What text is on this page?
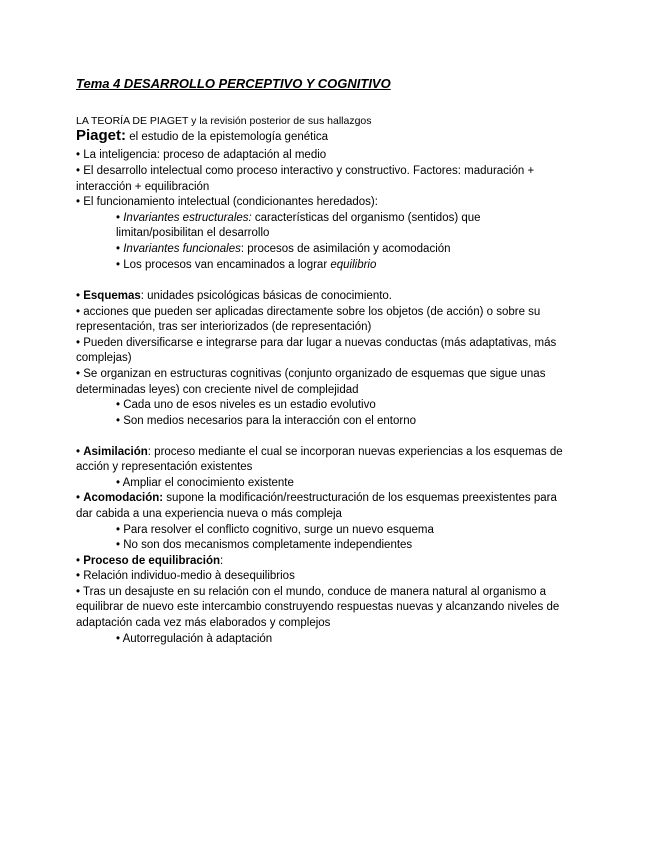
Tema 4 DESARROLLO PERCEPTIVO Y COGNITIVO
LA TEORÍA DE PIAGET y la revisión posterior de sus hallazgos
Piaget: el estudio de la epistemología genética
• La inteligencia: proceso de adaptación al medio
• El desarrollo intelectual como proceso interactivo y constructivo. Factores: maduración +
interacción + equilibración
• El funcionamiento intelectual (condicionantes heredados):
• Invariantes estructurales: características del organismo (sentidos) que
limitan/posibilitan el desarrollo
• Invariantes funcionales: procesos de asimilación y acomodación
• Los procesos van encaminados a lograr equilibrio
• Esquemas: unidades psicológicas básicas de conocimiento.
• acciones que pueden ser aplicadas directamente sobre los objetos (de acción) o sobre su
representación, tras ser interiorizados (de representación)
• Pueden diversificarse e integrarse para dar lugar a nuevas conductas (más adaptativas, más
complejas)
• Se organizan en estructuras cognitivas (conjunto organizado de esquemas que sigue unas
determinadas leyes) con creciente nivel de complejidad
• Cada uno de esos niveles es un estadio evolutivo
• Son medios necesarios para la interacción con el entorno
• Asimilación: proceso mediante el cual se incorporan nuevas experiencias a los esquemas de
acción y representación existentes
• Ampliar el conocimiento existente
• Acomodación: supone la modificación/reestructuración de los esquemas preexistentes para
dar cabida a una experiencia nueva o más compleja
• Para resolver el conflicto cognitivo, surge un nuevo esquema
• No son dos mecanismos completamente independientes
• Proceso de equilibración:
• Relación individuo-medio à desequilibrios
• Tras un desajuste en su relación con el mundo, conduce de manera natural al organismo a
equilibrar de nuevo este intercambio construyendo respuestas nuevas y alcanzando niveles de
adaptación cada vez más elaborados y complejos
• Autorregulación à adaptación
